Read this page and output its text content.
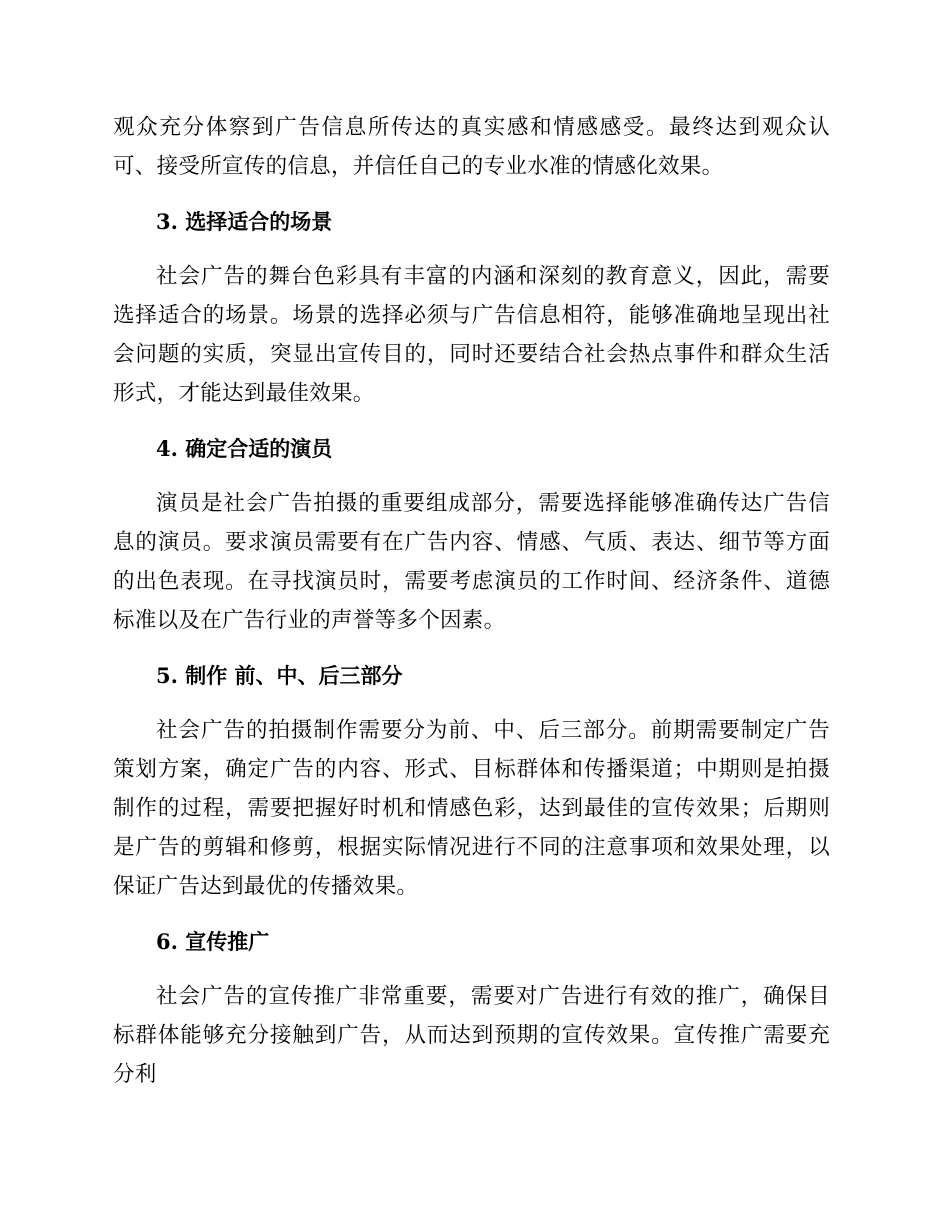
观众充分体察到广告信息所传达的真实感和情感感受。最终达到观众认可、接受所宣传的信息，并信任自己的专业水准的情感化效果。

3. 选择适合的场景

社会广告的舞台色彩具有丰富的内涵和深刻的教育意义，因此，需要选择适合的场景。场景的选择必须与广告信息相符，能够准确地呈现出社会问题的实质，突显出宣传目的，同时还要结合社会热点事件和群众生活形式，才能达到最佳效果。

4. 确定合适的演员

演员是社会广告拍摄的重要组成部分，需要选择能够准确传达广告信息的演员。要求演员需要有在广告内容、情感、气质、表达、细节等方面的出色表现。在寻找演员时，需要考虑演员的工作时间、经济条件、道德标准以及在广告行业的声誉等多个因素。

5. 制作 前、中、后三部分

社会广告的拍摄制作需要分为前、中、后三部分。前期需要制定广告策划方案，确定广告的内容、形式、目标群体和传播渠道；中期则是拍摄制作的过程，需要把握好时机和情感色彩，达到最佳的宣传效果；后期则是广告的剪辑和修剪，根据实际情况进行不同的注意事项和效果处理，以保证广告达到最优的传播效果。

6. 宣传推广

社会广告的宣传推广非常重要，需要对广告进行有效的推广，确保目标群体能够充分接触到广告，从而达到预期的宣传效果。宣传推广需要充分利
